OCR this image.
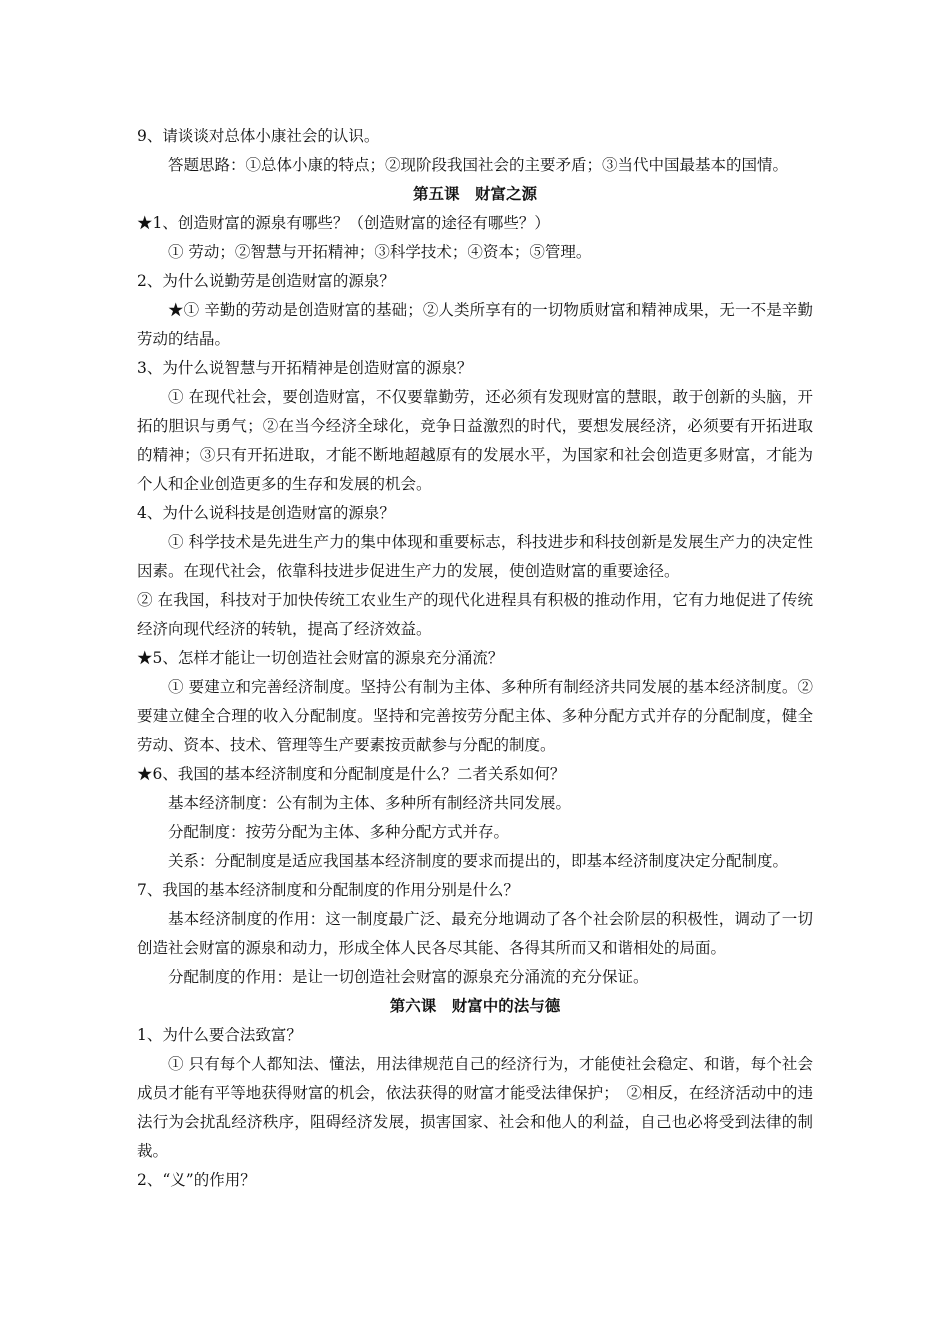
9、请谈谈对总体小康社会的认识。

答题思路：①总体小康的特点；②现阶段我国社会的主要矛盾；③当代中国最基本的国情。

第五课　财富之源

★1、创造财富的源泉有哪些？（创造财富的途径有哪些？）

① 劳动；②智慧与开拓精神；③科学技术；④资本；⑤管理。

2、为什么说勤劳是创造财富的源泉？

★① 辛勤的劳动是创造财富的基础；②人类所享有的一切物质财富和精神成果，无一不是辛勤劳动的结晶。

3、为什么说智慧与开拓精神是创造财富的源泉？

① 在现代社会，要创造财富，不仅要靠勤劳，还必须有发现财富的慧眼，敢于创新的头脑，开拓的胆识与勇气；②在当今经济全球化，竞争日益激烈的时代，要想发展经济，必须要有开拓进取的精神；③只有开拓进取，才能不断地超越原有的发展水平，为国家和社会创造更多财富，才能为个人和企业创造更多的生存和发展的机会。

4、为什么说科技是创造财富的源泉？

① 科学技术是先进生产力的集中体现和重要标志，科技进步和科技创新是发展生产力的决定性因素。在现代社会，依靠科技进步促进生产力的发展，使创造财富的重要途径。

② 在我国，科技对于加快传统工农业生产的现代化进程具有积极的推动作用，它有力地促进了传统经济向现代经济的转轨，提高了经济效益。

★5、怎样才能让一切创造社会财富的源泉充分涌流？

① 要建立和完善经济制度。坚持公有制为主体、多种所有制经济共同发展的基本经济制度。②要建立健全合理的收入分配制度。坚持和完善按劳分配主体、多种分配方式并存的分配制度，健全劳动、资本、技术、管理等生产要素按贡献参与分配的制度。

★6、我国的基本经济制度和分配制度是什么？二者关系如何？

基本经济制度：公有制为主体、多种所有制经济共同发展。

分配制度：按劳分配为主体、多种分配方式并存。

关系：分配制度是适应我国基本经济制度的要求而提出的，即基本经济制度决定分配制度。

7、我国的基本经济制度和分配制度的作用分别是什么？

基本经济制度的作用：这一制度最广泛、最充分地调动了各个社会阶层的积极性，调动了一切创造社会财富的源泉和动力，形成全体人民各尽其能、各得其所而又和谐相处的局面。

分配制度的作用：是让一切创造社会财富的源泉充分涌流的充分保证。

第六课　财富中的法与德

1、为什么要合法致富？

① 只有每个人都知法、懂法，用法律规范自己的经济行为，才能使社会稳定、和谐，每个社会成员才能有平等地获得财富的机会，依法获得的财富才能受法律保护；　②相反，在经济活动中的违法行为会扰乱经济秩序，阻碍经济发展，损害国家、社会和他人的利益，自己也必将受到法律的制裁。

2、“义”的作用？
